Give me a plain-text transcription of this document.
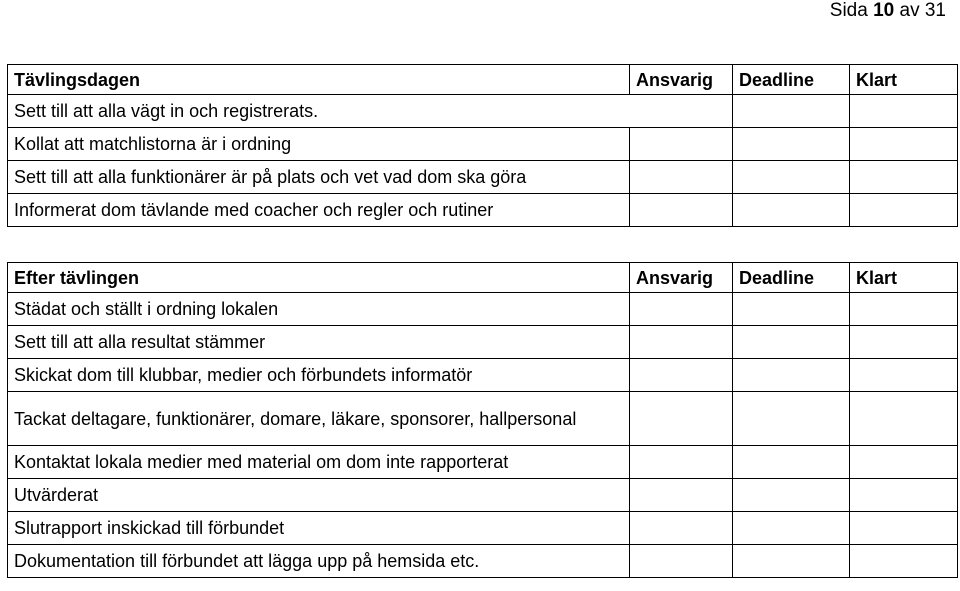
Sida 10 av 31
Tävlingsdagen	Ansvarig	Deadline	Klart
Sett till att alla vägt in och registrerats.			
Kollat att matchlistorna är i ordning			
Sett till att alla funktionärer är på plats och vet vad dom ska göra			
Informerat dom tävlande med coacher och regler och rutiner			
Efter tävlingen	Ansvarig	Deadline	Klart
Städat och ställt i ordning lokalen			
Sett till att alla resultat stämmer			
Skickat dom till klubbar, medier och förbundets informatör			
Tackat deltagare, funktionärer, domare, läkare, sponsorer, hallpersonal			
Kontaktat lokala medier med material om dom inte rapporterat			
Utvärderat			
Slutrapport inskickad till förbundet			
Dokumentation till förbundet att lägga upp på hemsida etc.			
